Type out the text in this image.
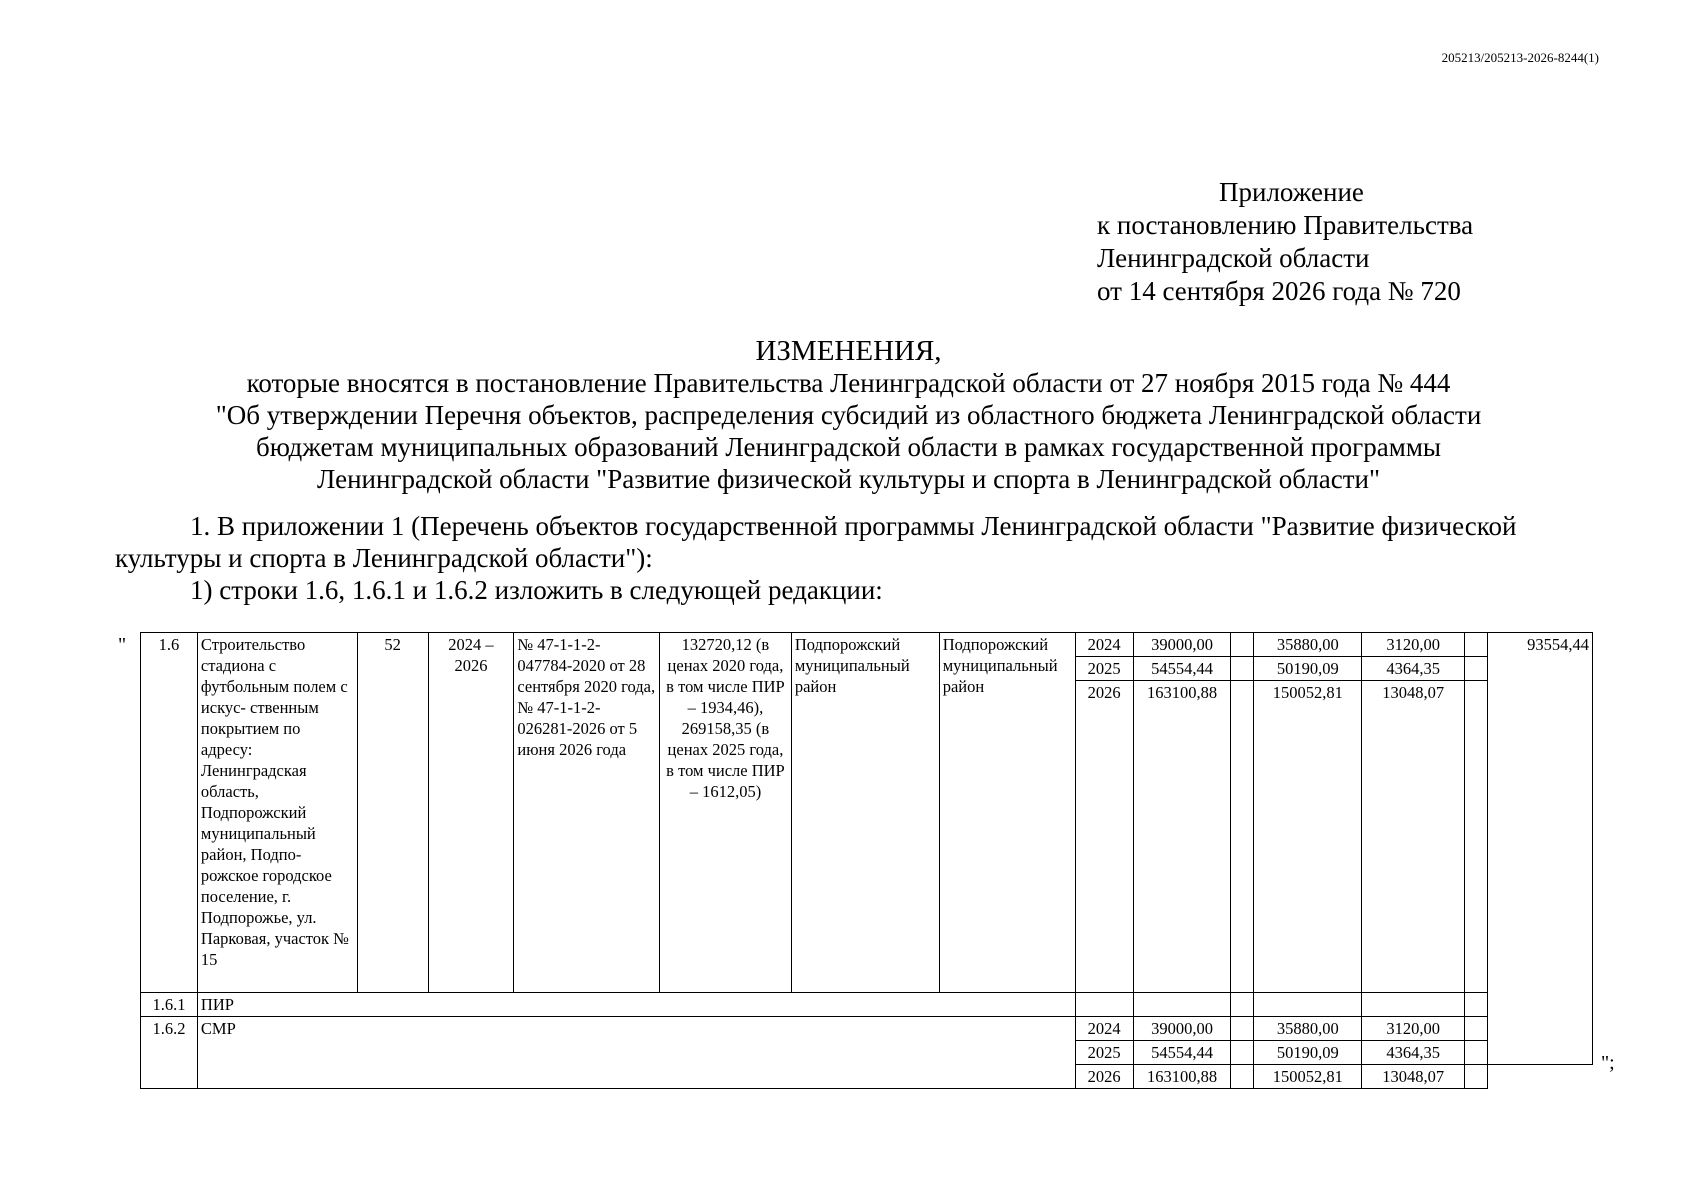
205213/205213-2026-8244(1)
Приложение
к постановлению Правительства
Ленинградской области
от 14 сентября 2026 года № 720
ИЗМЕНЕНИЯ,
которые вносятся в постановление Правительства Ленинградской области от 27 ноября 2015 года № 444
"Об утверждении Перечня объектов, распределения субсидий из областного бюджета Ленинградской области
бюджетам муниципальных образований Ленинградской области в рамках государственной программы
Ленинградской области "Развитие физической культуры и спорта в Ленинградской области"
1. В приложении 1 (Перечень объектов государственной программы Ленинградской области "Развитие физической культуры и спорта в Ленинградской области"):
1) строки 1.6, 1.6.1 и 1.6.2 изложить в следующей редакции:
"
";
1.6	Строительство стадиона с футбольным полем с искус- ственным покрытием по адресу: Ленинградская область, Подпорожский муниципальный район, Подпо- рожское городское поселение, г. Подпорожье, ул. Парковая, участок № 15	52	2024 – 2026	№ 47-1-1-2- 047784-2020 от 28 сентября 2020 года, № 47-1-1-2- 026281-2026 от 5 июня 2026 года	132720,12 (в ценах 2020 года, в том числе ПИР – 1934,46), 269158,35 (в ценах 2025 года, в том числе ПИР – 1612,05)	Подпорожский муниципальный район	Подпорожский муниципальный район	2024	39000,00		35880,00	3120,00		93554,44
								2025	54554,44		50190,09	4364,35		
								2026	163100,88		150052,81	13048,07		
1.6.1	ПИР													
1.6.2	СМР							2024	39000,00		35880,00	3120,00		
								2025	54554,44		50190,09	4364,35		
								2026	163100,88		150052,81	13048,07		
